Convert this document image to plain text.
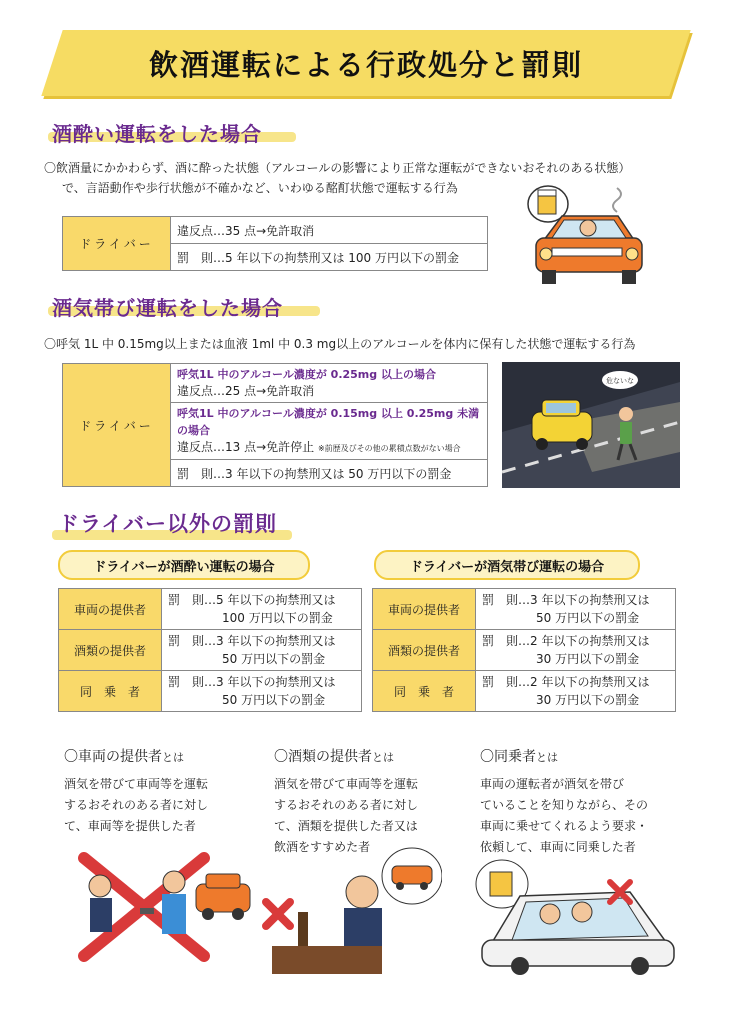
飲酒運転による行政処分と罰則
酒酔い運転をした場合
〇飲酒量にかかわらず、酒に酔った状態（アルコールの影響により正常な運転ができないおそれのある状態）
で、言語動作や歩行状態が不確かなど、いわゆる酩酊状態で運転する行為
ドライバー	違反点…35 点→免許取消
罰　則…5 年以下の拘禁刑又は 100 万円以下の罰金
酒気帯び運転をした場合
〇呼気 1L 中 0.15mg以上または血液 1ml 中 0.3 mg以上のアルコールを体内に保有した状態で運転する行為
ドライバー	
呼気1L 中のアルコール濃度が 0.25mg 以上の場合
違反点…25 点→免許取消

呼気1L 中のアルコール濃度が 0.15mg 以上 0.25mg 未満の場合
違反点…13 点→免許停止 ※前歴及びその他の累積点数がない場合

罰　則…3 年以下の拘禁刑又は 50 万円以下の罰金
危ないな
ドライバー以外の罰則
ドライバーが酒酔い運転の場合	ドライバーが酒気帯び運転の場合
車両の提供者	罰　則…5 年以下の拘禁刑又は
100 万円以下の罰金

酒類の提供者	罰　則…3 年以下の拘禁刑又は
50 万円以下の罰金

同　乗　者	罰　則…3 年以下の拘禁刑又は
50 万円以下の罰金
車両の提供者	罰　則…3 年以下の拘禁刑又は
50 万円以下の罰金

酒類の提供者	罰　則…2 年以下の拘禁刑又は
30 万円以下の罰金

同　乗　者	罰　則…2 年以下の拘禁刑又は
30 万円以下の罰金
〇車両の提供者とは
酒気を帯びて車両等を運転
するおそれのある者に対し
て、車両等を提供した者
〇酒類の提供者とは
酒気を帯びて車両等を運転
するおそれのある者に対し
て、酒類を提供した者又は
飲酒をすすめた者
〇同乗者とは
車両の運転者が酒気を帯び
ていることを知りながら、その
車両に乗せてくれるよう要求・
依頼して、車両に同乗した者
